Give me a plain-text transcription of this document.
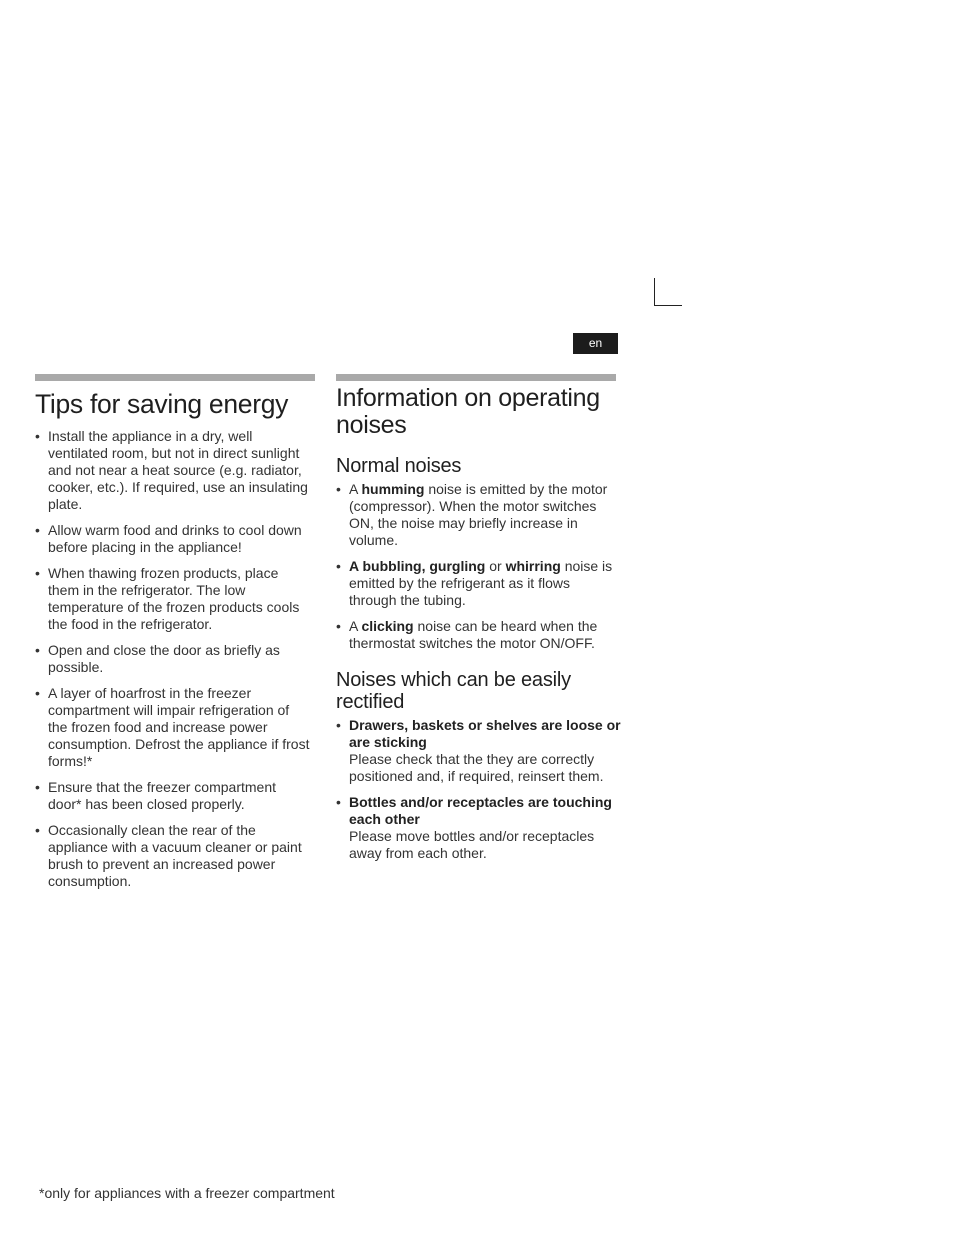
en
Tips for saving energy
• Install the appliance in a dry, well ventilated room, but not in direct sunlight and not near a heat source (e.g. radiator, cooker, etc.). If required, use an insulating plate.
• Allow warm food and drinks to cool down before placing in the appliance!
• When thawing frozen products, place them in the refrigerator. The low temperature of the frozen products cools the food in the refrigerator.
• Open and close the door as briefly as possible.
• A layer of hoarfrost in the freezer compartment will impair refrigeration of the frozen food and increase power consumption. Defrost the appliance if frost forms!*
• Ensure that the freezer compartment door* has been closed properly.
• Occasionally clean the rear of the appliance with a vacuum cleaner or paint brush to prevent an increased power consumption.
Information on operating noises
Normal noises
• A humming noise is emitted by the motor (compressor). When the motor switches ON, the noise may briefly increase in volume.
• A bubbling, gurgling or whirring noise is emitted by the refrigerant as it flows through the tubing.
• A clicking noise can be heard when the thermostat switches the motor ON/OFF.
Noises which can be easily rectified
• Drawers, baskets or shelves are loose or are sticking
Please check that the they are correctly positioned and, if required, reinsert them.
• Bottles and/or receptacles are touching each other
Please move bottles and/or receptacles away from each other.
*only for appliances with a freezer compartment
